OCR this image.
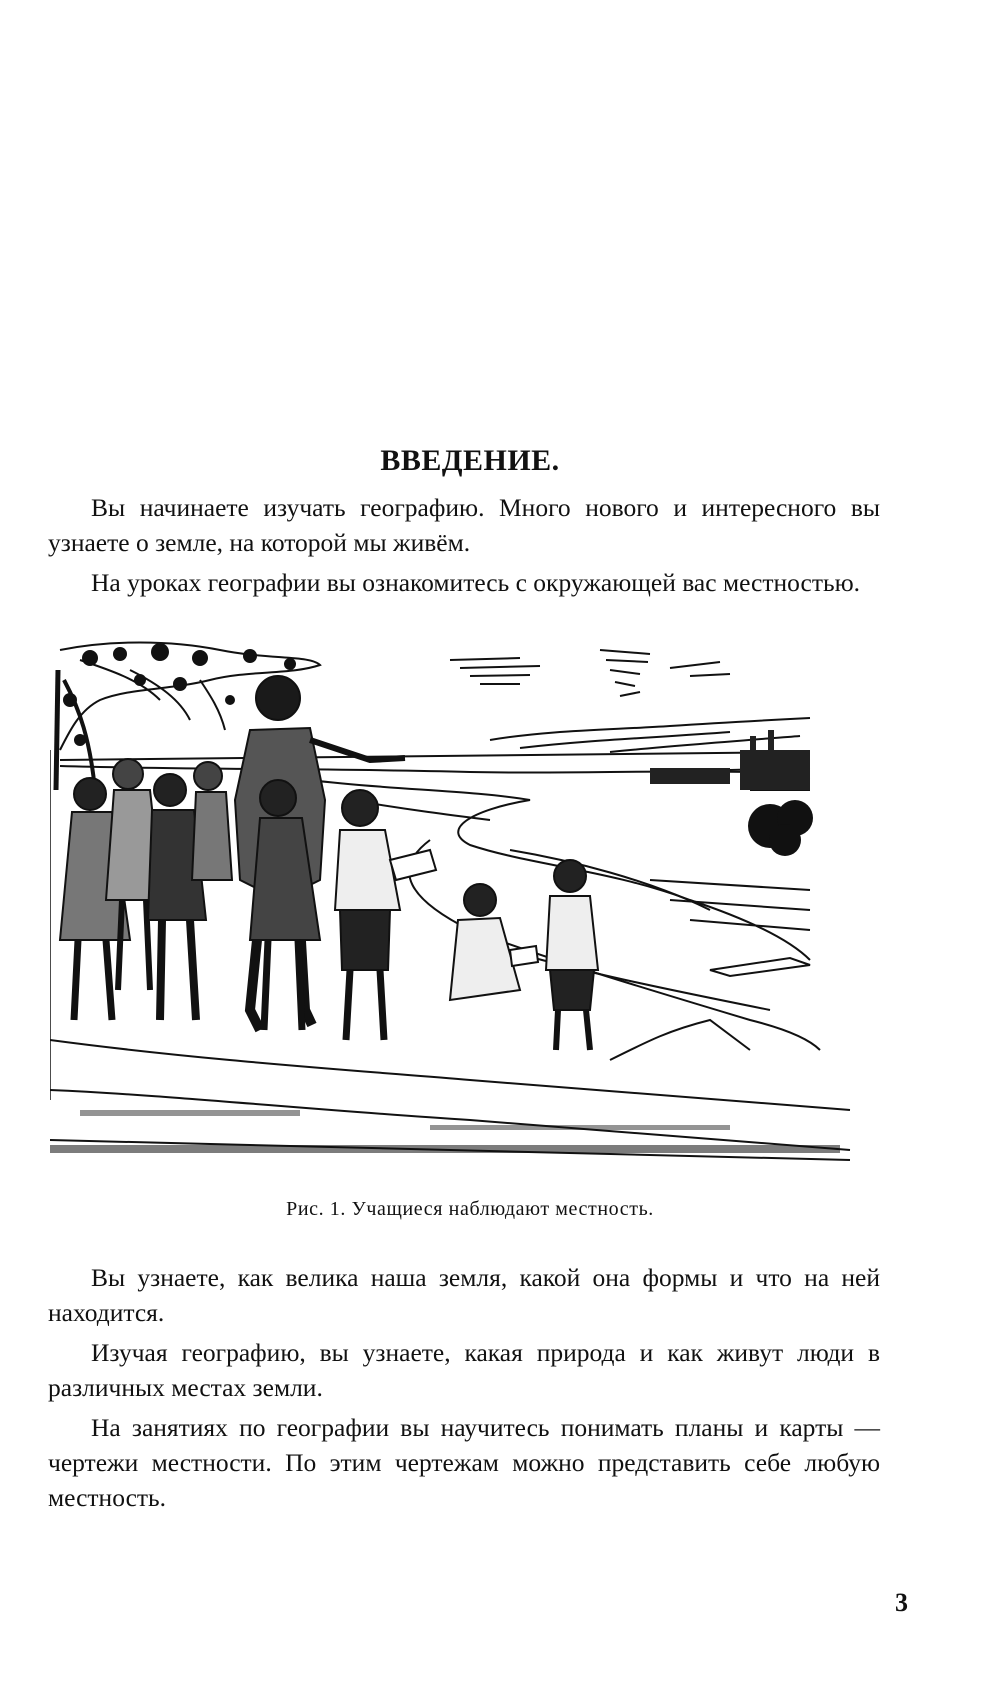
ВВЕДЕНИЕ.

Вы начинаете изучать географию. Много нового и интересного вы узнаете о земле, на которой мы живём.

На уроках географии вы ознакомитесь с окружающей вас местностью.

Рис. 1. Учащиеся наблюдают местность.

Вы узнаете, как велика наша земля, какой она формы и что на ней находится.

Изучая географию, вы узнаете, какая природа и как живут люди в различных местах земли.

На занятиях по географии вы научитесь понимать планы и карты — чертежи местности. По этим чертежам можно представить себе любую местность.

3
